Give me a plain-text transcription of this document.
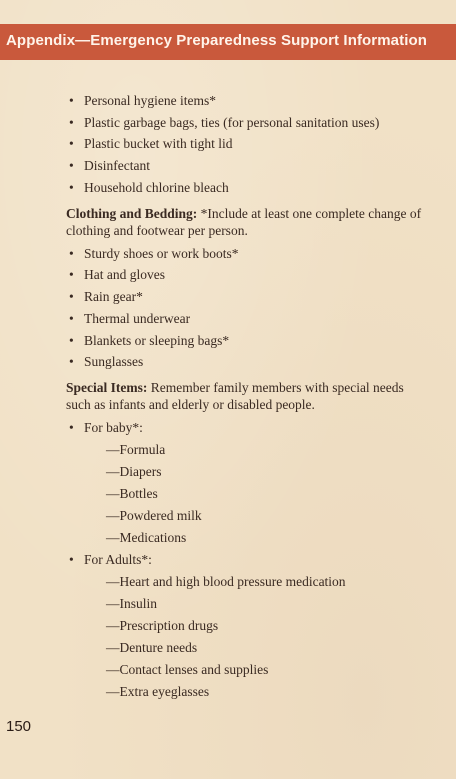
Appendix—Emergency Preparedness Support Information
• Personal hygiene items*
• Plastic garbage bags, ties (for personal sanitation uses)
• Plastic bucket with tight lid
• Disinfectant
• Household chlorine bleach

Clothing and Bedding: *Include at least one complete change of clothing and footwear per person.

• Sturdy shoes or work boots*
• Hat and gloves
• Rain gear*
• Thermal underwear
• Blankets or sleeping bags*
• Sunglasses

Special Items: Remember family members with special needs such as infants and elderly or disabled people.

• For baby*:
—Formula
—Diapers
—Bottles
—Powdered milk
—Medications
• For Adults*:
—Heart and high blood pressure medication
—Insulin
—Prescription drugs
—Denture needs
—Contact lenses and supplies
—Extra eyeglasses
150
